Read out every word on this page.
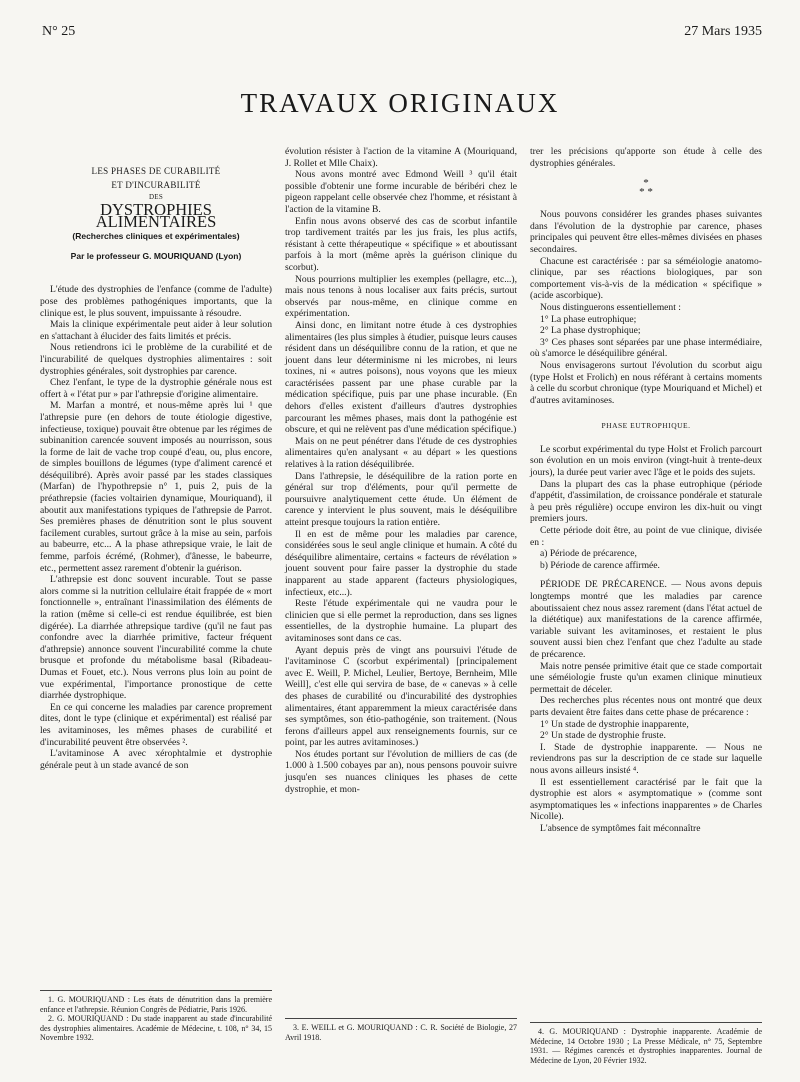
N° 25	27 Mars 1935
TRAVAUX ORIGINAUX
LES PHASES DE CURABILITÉ
ET D'INCURABILITÉ
DES
DYSTROPHIES ALIMENTAIRES
(Recherches cliniques et expérimentales)
Par le professeur G. MOURIQUAND (Lyon)

L'étude des dystrophies de l'enfance (comme de l'adulte) pose des problèmes pathogéniques importants, que la clinique est, le plus souvent, impuissante à résoudre.

Mais la clinique expérimentale peut aider à leur solution en s'attachant à élucider des faits limités et précis.

Nous retiendrons ici le problème de la curabilité et de l'incurabilité de quelques dystrophies alimentaires : soit dystrophies générales, soit dystrophies par carence.

Chez l'enfant, le type de la dystrophie générale nous est offert à « l'état pur » par l'athrepsie d'origine alimentaire.

M. Marfan a montré, et nous-même après lui ¹ que l'athrepsie pure (en dehors de toute étiologie digestive, infectieuse, toxique) pouvait être obtenue par les régimes de subinanition carencée souvent imposés au nourrisson, sous la forme de lait de vache trop coupé d'eau, ou, plus encore, de simples bouillons de légumes (type d'aliment carencé et déséquilibré). Après avoir passé par les stades classiques (Marfan) de l'hypothrepsie n° 1, puis 2, puis de la préathrepsie (facies voltairien dynamique, Mouriquand), il aboutit aux manifestations typiques de l'athrepsie de Parrot. Ses premières phases de dénutrition sont le plus souvent facilement curables, surtout grâce à la mise au sein, parfois au babeurre, etc... A la phase athrepsique vraie, le lait de femme, parfois écrémé, (Rohmer), d'ânesse, le babeurre, etc., permettent assez rarement d'obtenir la guérison.

L'athrepsie est donc souvent incurable. Tout se passe alors comme si la nutrition cellulaire était frappée de « mort fonctionnelle », entraînant l'inassimilation des éléments de la ration (même si celle-ci est rendue équilibrée, est bien digérée). La diarrhée athrepsique tardive (qu'il ne faut pas confondre avec la diarrhée primitive, facteur fréquent d'athrepsie) annonce souvent l'incurabilité comme la chute brusque et profonde du métabolisme basal (Ribadeau-Dumas et Fouet, etc.). Nous verrons plus loin au point de vue expérimental, l'importance pronostique de cette diarrhée dystrophique.

En ce qui concerne les maladies par carence proprement dites, dont le type (clinique et expérimental) est réalisé par les avitaminoses, les mêmes phases de curabilité et d'incurabilité peuvent être observées ².

L'avitaminose A avec xérophtalmie et dystrophie générale peut à un stade avancé de son

évolution résister à l'action de la vitamine A (Mouriquand, J. Rollet et Mlle Chaix).

Nous avons montré avec Edmond Weill ³ qu'il était possible d'obtenir une forme incurable de béribéri chez le pigeon rappelant celle observée chez l'homme, et résistant à l'action de la vitamine B.

Enfin nous avons observé des cas de scorbut infantile trop tardivement traités par les jus frais, les plus actifs, résistant à cette thérapeutique « spécifique » et aboutissant parfois à la mort (même après la guérison clinique du scorbut).

Nous pourrions multiplier les exemples (pellagre, etc...), mais nous tenons à nous localiser aux faits précis, surtout observés par nous-même, en clinique comme en expérimentation.

Ainsi donc, en limitant notre étude à ces dystrophies alimentaires (les plus simples à étudier, puisque leurs causes résident dans un déséquilibre connu de la ration, et que ne jouent dans leur déterminisme ni les microbes, ni leurs toxines, ni « autres poisons), nous voyons que les mieux caractérisées passent par une phase curable par la médication spécifique, puis par une phase incurable. (En dehors d'elles existent d'ailleurs d'autres dystrophies parcourant les mêmes phases, mais dont la pathogénie est obscure, et qui ne relèvent pas d'une médication spécifique.)

Mais on ne peut pénétrer dans l'étude de ces dystrophies alimentaires qu'en analysant « au départ » les questions relatives à la ration déséquilibrée.

Dans l'athrepsie, le déséquilibre de la ration porte en général sur trop d'éléments, pour qu'il permette de poursuivre analytiquement cette étude. Un élément de carence y intervient le plus souvent, mais le déséquilibre atteint presque toujours la ration entière.

Il en est de même pour les maladies par carence, considérées sous le seul angle clinique et humain. A côté du déséquilibre alimentaire, certains « facteurs de révélation » jouent souvent pour faire passer la dystrophie du stade inapparent au stade apparent (facteurs physiologiques, infectieux, etc...).

Reste l'étude expérimentale qui ne vaudra pour le clinicien que si elle permet la reproduction, dans ses lignes essentielles, de la dystrophie humaine. La plupart des avitaminoses sont dans ce cas.

Ayant depuis près de vingt ans poursuivi l'étude de l'avitaminose C (scorbut expérimental) [principalement avec E. Weill, P. Michel, Leulier, Bertoye, Bernheim, Mlle Weill], c'est elle qui servira de base, de « canevas » à celle des phases de curabilité ou d'incurabilité des dystrophies alimentaires, étant apparemment la mieux caractérisée dans ses symptômes, son étio-pathogénie, son traitement. (Nous ferons d'ailleurs appel aux renseignements fournis, sur ce point, par les autres avitaminoses.)

Nos études portant sur l'évolution de milliers de cas (de 1.000 à 1.500 cobayes par an), nous pensons pouvoir suivre jusqu'en ses nuances cliniques les phases de cette dystrophie, et mon-

trer les précisions qu'apporte son étude à celle des dystrophies générales.

*
* *

Nous pouvons considérer les grandes phases suivantes dans l'évolution de la dystrophie par carence, phases principales qui peuvent être elles-mêmes divisées en phases secondaires.

Chacune est caractérisée : par sa séméiologie anatomo-clinique, par ses réactions biologiques, par son comportement vis-à-vis de la médication « spécifique » (acide ascorbique).

Nous distinguerons essentiellement :

1° La phase eutrophique;

2° La phase dystrophique;

3° Ces phases sont séparées par une phase intermédiaire, où s'amorce le déséquilibre général.

Nous envisagerons surtout l'évolution du scorbut aigu (type Holst et Frolich) en nous référant à certains moments à celle du scorbut chronique (type Mouriquand et Michel) et d'autres avitaminoses.

PHASE EUTROPHIQUE.

Le scorbut expérimental du type Holst et Frolich parcourt son évolution en un mois environ (vingt-huit à trente-deux jours), la durée peut varier avec l'âge et le poids des sujets.

Dans la plupart des cas la phase eutrophique (période d'appétit, d'assimilation, de croissance pondérale et staturale à peu près régulière) occupe environ les dix-huit ou vingt premiers jours.

Cette période doit être, au point de vue clinique, divisée en :

a) Période de précarence,

b) Période de carence affirmée.

PÉRIODE DE PRÉCARENCE. — Nous avons depuis longtemps montré que les maladies par carence aboutissaient chez nous assez rarement (dans l'état actuel de la diététique) aux manifestations de la carence affirmée, variable suivant les avitaminoses, et restaient le plus souvent aussi bien chez l'enfant que chez l'adulte au stade de précarence.

Mais notre pensée primitive était que ce stade comportait une séméiologie fruste qu'un examen clinique minutieux permettait de déceler.

Des recherches plus récentes nous ont montré que deux parts devaient être faites dans cette phase de précarence :

1° Un stade de dystrophie inapparente,

2° Un stade de dystrophie fruste.

I. Stade de dystrophie inapparente. — Nous ne reviendrons pas sur la description de ce stade sur laquelle nous avons ailleurs insisté ⁴.

Il est essentiellement caractérisé par le fait que la dystrophie est alors « asymptomatique » (comme sont asymptomatiques les « infections inapparentes » de Charles Nicolle).

L'absence de symptômes fait méconnaître

1. G. MOURIQUAND : Les états de dénutrition dans la première enfance et l'athrepsie. Réunion Congrès de Pédiatrie, Paris 1926.

2. G. MOURIQUAND : Du stade inapparent au stade d'incurabilité des dystrophies alimentaires. Académie de Médecine, t. 108, n° 34, 15 Novembre 1932.

3. E. WEILL et G. MOURIQUAND : C. R. Société de Biologie, 27 Avril 1918.

4. G. MOURIQUAND : Dystrophie inapparente. Académie de Médecine, 14 Octobre 1930 ; La Presse Médicale, n° 75, Septembre 1931. — Régimes carencés et dystrophies inapparentes. Journal de Médecine de Lyon, 20 Février 1932.
